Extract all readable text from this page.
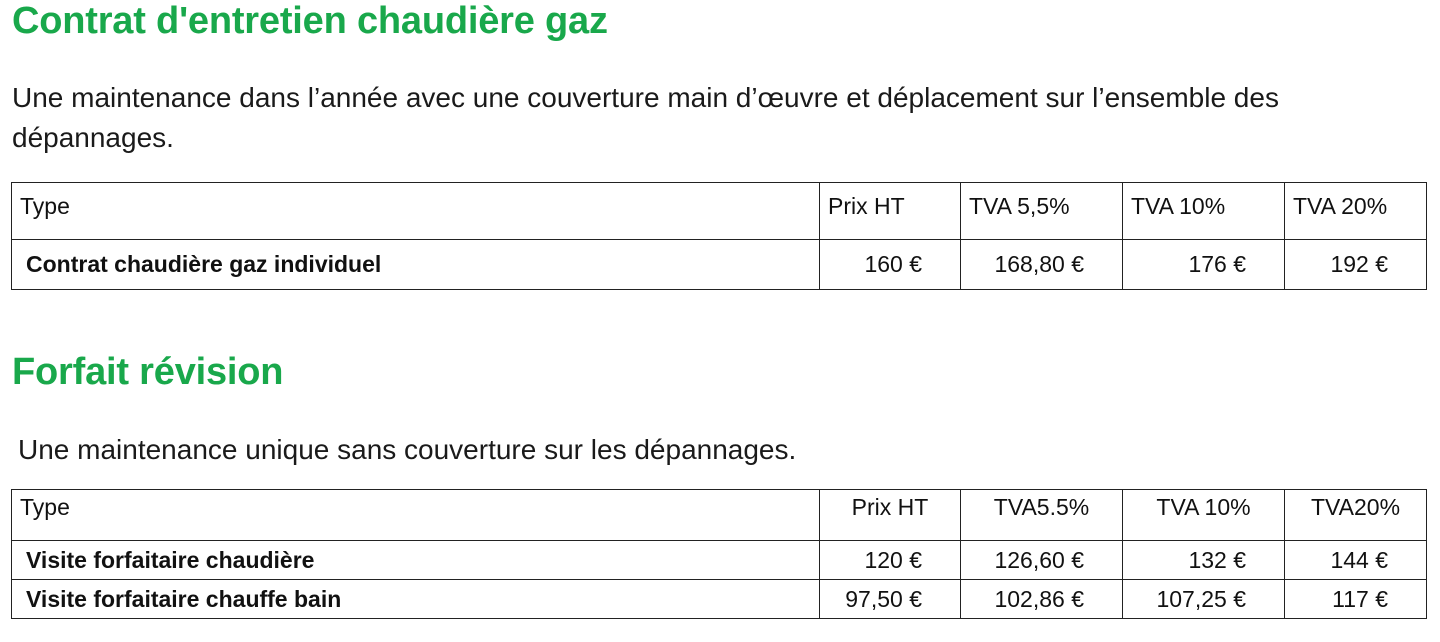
Contrat d'entretien chaudière gaz

Une maintenance dans l’année avec une couverture main d’œuvre et déplacement sur l’ensemble des dépannages.

Type	Prix HT	TVA 5,5%	TVA 10%	TVA 20%
Contrat chaudière gaz individuel	160 €	168,80 €	176 €	192 €
Forfait révision

Une maintenance unique sans couverture sur les dépannages.

Type	Prix HT	TVA5.5%	TVA 10%	TVA20%
Visite forfaitaire chaudière	120 €	126,60 €	132 €	144 €
Visite forfaitaire chauffe bain	97,50 €	102,86 €	107,25 €	117 €
